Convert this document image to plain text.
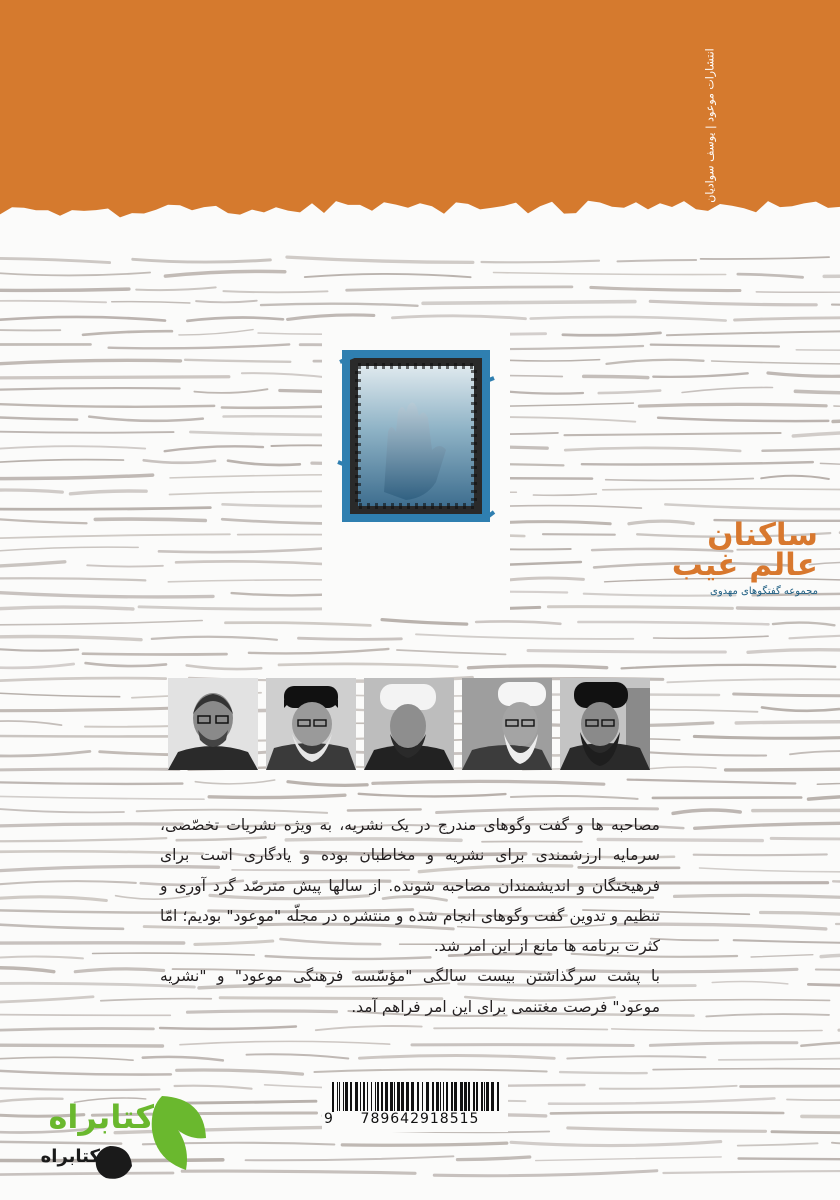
انتشارات موعود | یوسف سوادیان
ساکنان
عالم غیب
مجموعه گفتگوهای مهدوی

مصاحبه ها و گفت وگوهای مندرج در یک نشریه، به ویژه نشریات تخصّصی، سرمایه ارزشمندی برای نشریه و مخاطبان بوده و یادگاری است برای فرهیختگان و اندیشمندان مصاحبه شونده. از سالها پیش مترصّد گرد آوری و تنظیم و تدوین گفت وگوهای انجام شده و منتشره در مجلّه "موعود" بودیم؛ امّا کثرت برنامه ها مانع از این امر شد.

با پشت سرگذاشتن بیست سالگی "مؤسّسه فرهنگی موعود" و "نشریه موعود" فرصت مغتنمی برای این امر فراهم آمد.

9	789642918515
کتابراه
کتابراه
